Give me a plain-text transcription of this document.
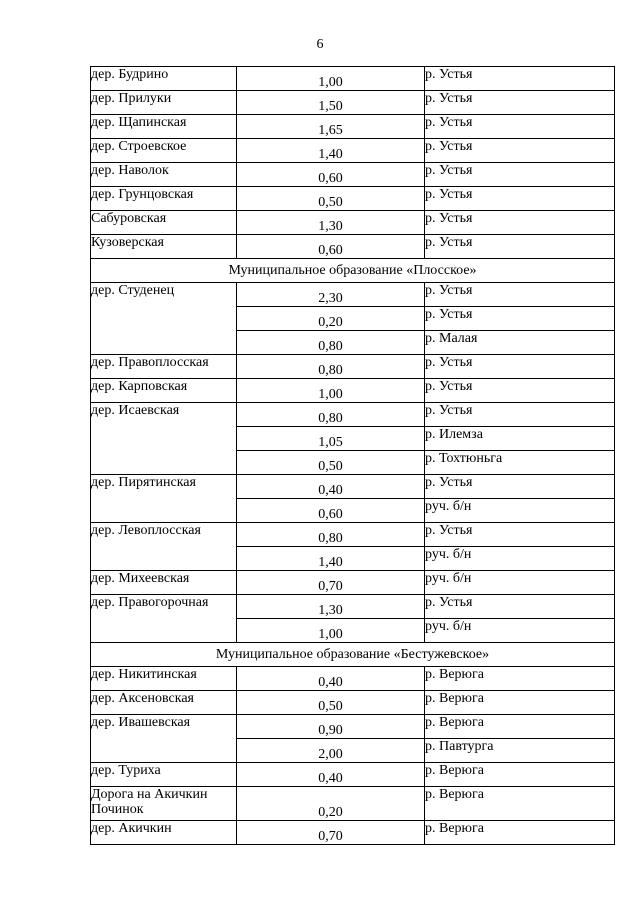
6
дер. Будрино	1,00	р. Устья
дер. Прилуки	1,50	р. Устья
дер. Щапинская	1,65	р. Устья
дер. Строевское	1,40	р. Устья
дер. Наволок	0,60	р. Устья
дер. Грунцовская	0,50	р. Устья
Сабуровская	1,30	р. Устья
Кузоверская	0,60	р. Устья
Муниципальное образование «Плосское»		
дер. Студенец	2,30	р. Устья
	0,20	р. Устья
	0,80	р. Малая
дер. Правоплосская	0,80	р. Устья
дер. Карповская	1,00	р. Устья
дер. Исаевская	0,80	р. Устья
	1,05	р. Илемза
	0,50	р. Тохтюньга
дер. Пирятинская	0,40	р. Устья
	0,60	руч. б/н
дер. Левоплосская	0,80	р. Устья
	1,40	руч. б/н
дер. Михеевская	0,70	руч. б/н
дер. Правогорочная	1,30	р. Устья
	1,00	руч. б/н
Муниципальное образование «Бестужевское»		
дер. Никитинская	0,40	р. Верюга
дер. Аксеновская	0,50	р. Верюга
дер. Ивашевская	0,90	р. Верюга
	2,00	р. Павтурга
дер. Туриха	0,40	р. Верюга
Дорога на Акичкин Починок	0,20	р. Верюга
дер. Акичкин	0,70	р. Верюга
